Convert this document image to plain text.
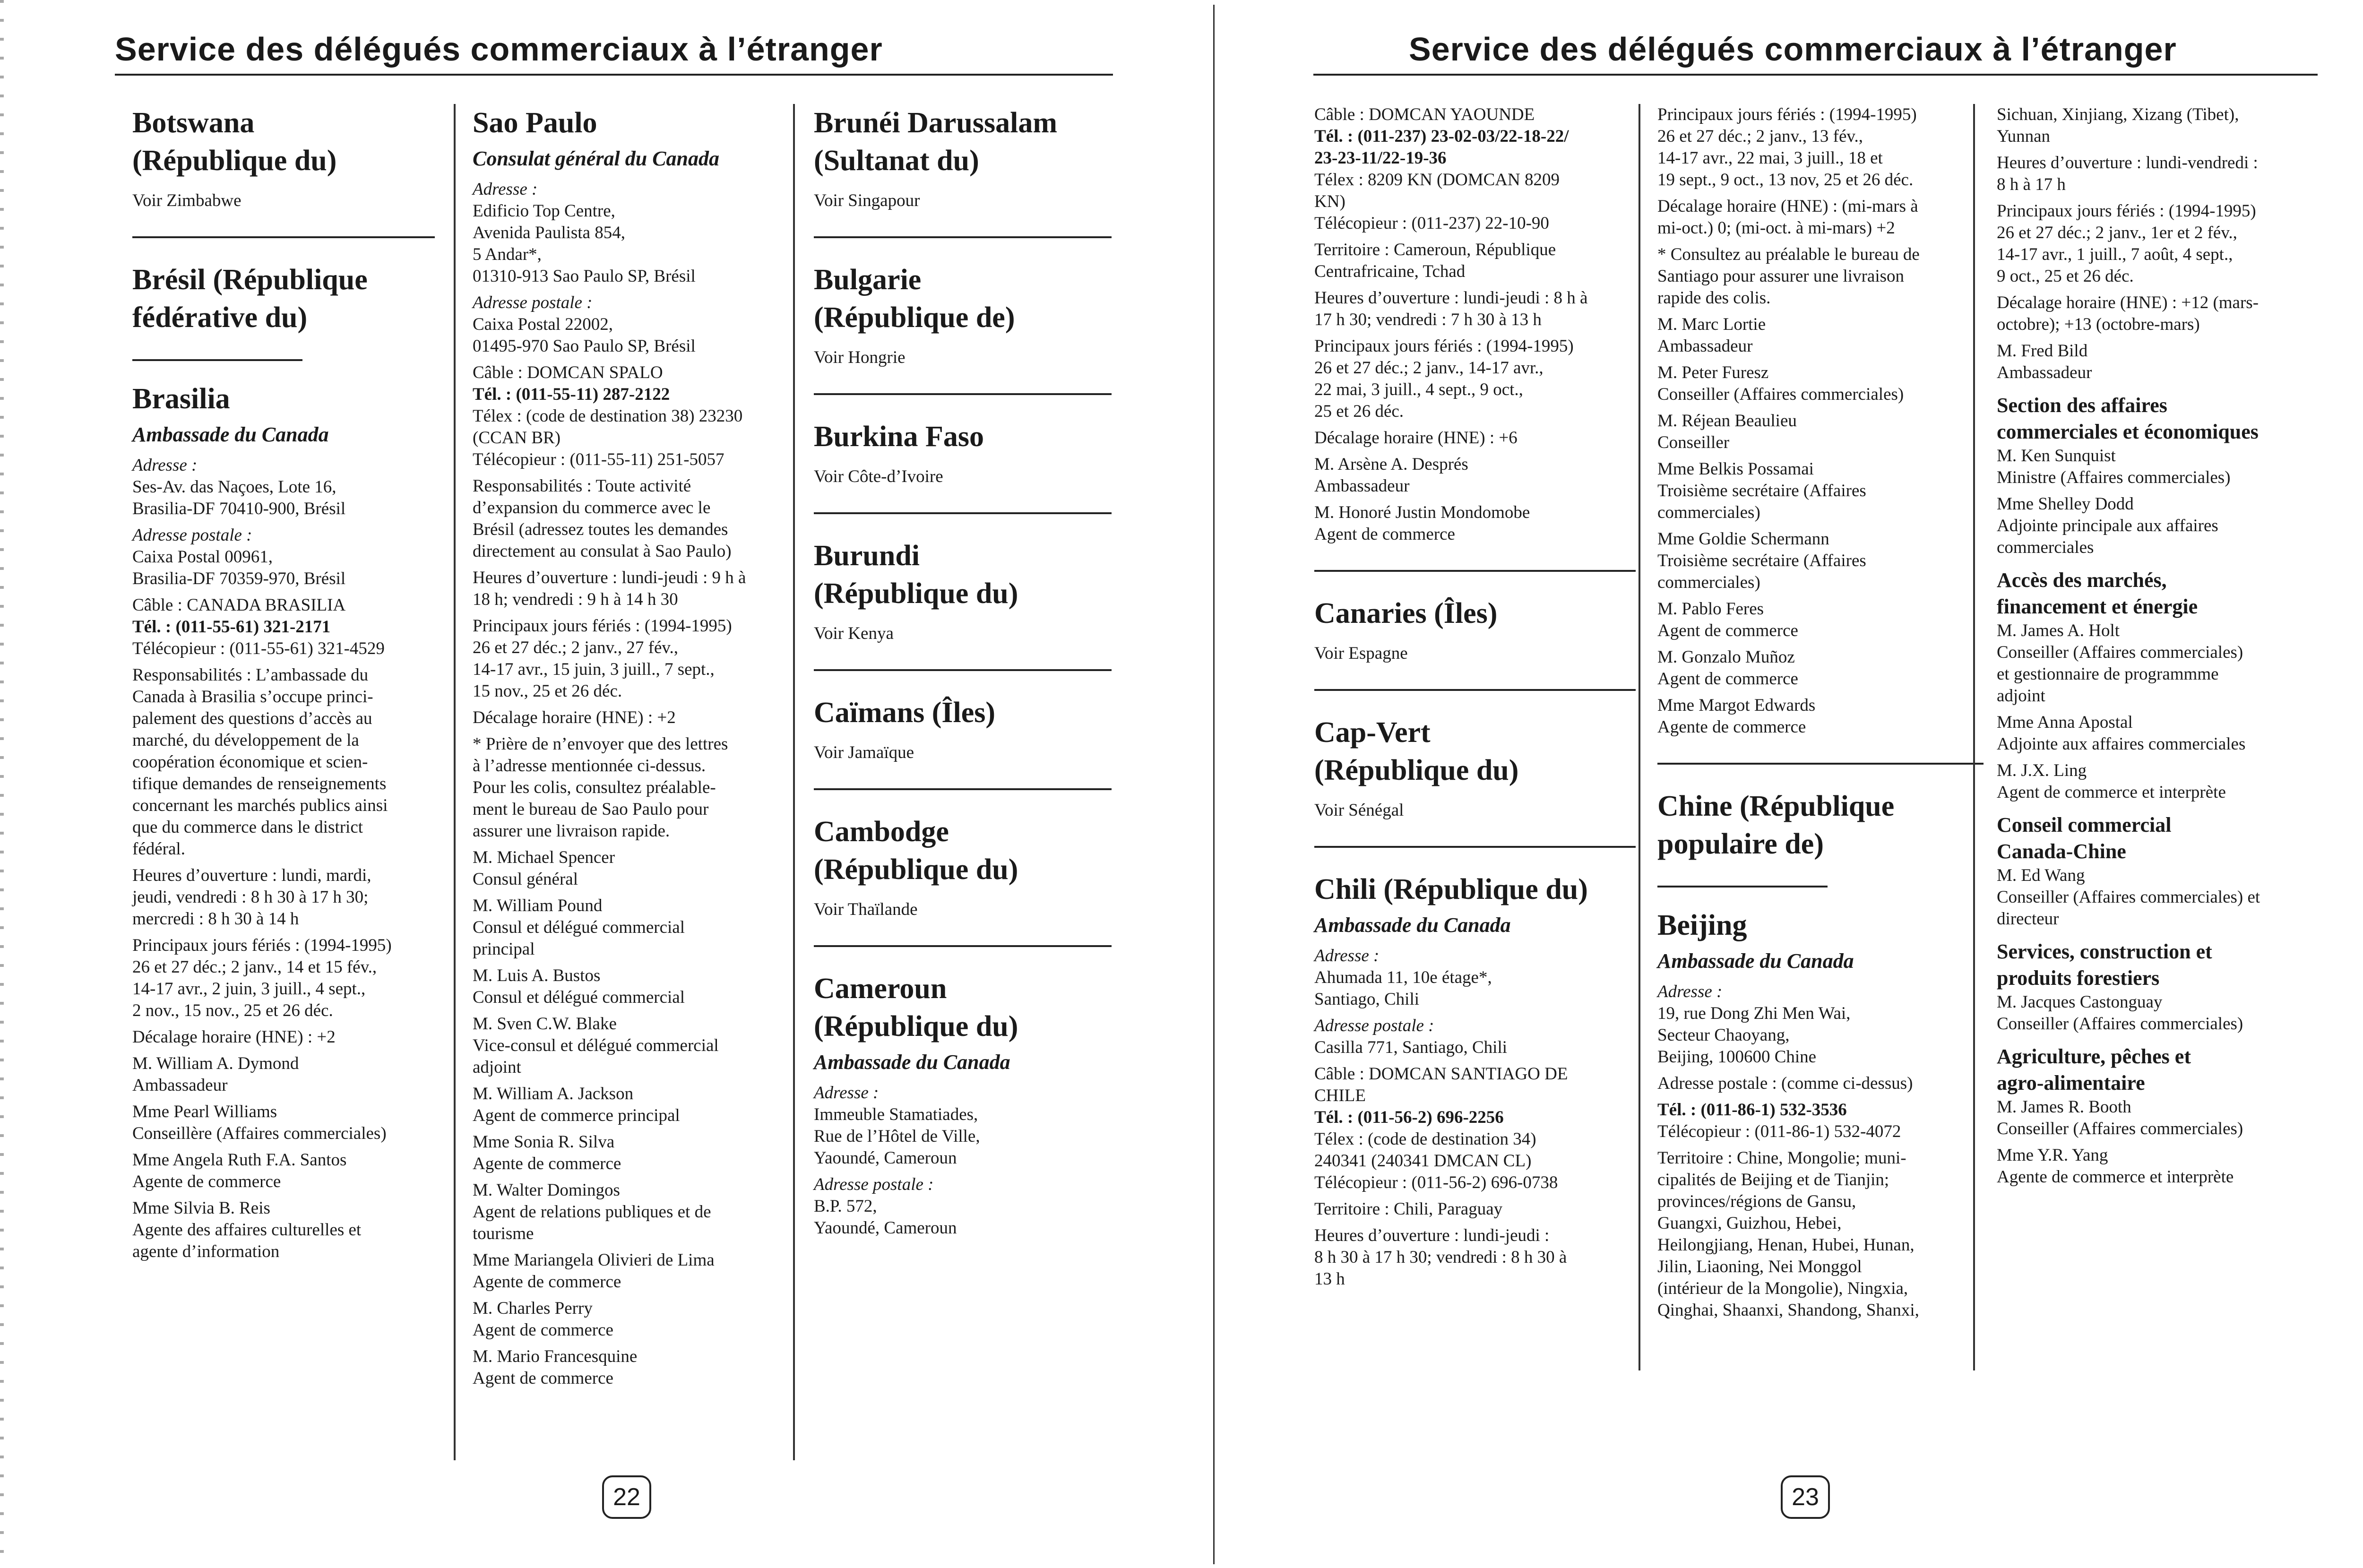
Service des délégués commerciaux à l’étranger
Botswana
(République du)
Voir Zimbabwe
Brésil (République
fédérative du)
Brasilia
Ambassade du Canada
Adresse :
Ses-Av. das Naçoes, Lote 16,
Brasilia-DF 70410-900, Brésil
Adresse postale :
Caixa Postal 00961,
Brasilia-DF 70359-970, Brésil
Câble : CANADA BRASILIA
Tél. : (011-55-61) 321-2171
Télécopieur : (011-55-61) 321-4529
Responsabilités : L’ambassade du
Canada à Brasilia s’occupe princi-
palement des questions d’accès au
marché, du développement de la
coopération économique et scien-
tifique demandes de renseignements
concernant les marchés publics ainsi
que du commerce dans le district
fédéral.
Heures d’ouverture : lundi, mardi,
jeudi, vendredi : 8 h 30 à 17 h 30;
mercredi : 8 h 30 à 14 h
Principaux jours fériés : (1994-1995)
26 et 27 déc.; 2 janv., 14 et 15 fév.,
14-17 avr., 2 juin, 3 juill., 4 sept.,
2 nov., 15 nov., 25 et 26 déc.
Décalage horaire (HNE) : +2
M. William A. Dymond
Ambassadeur
Mme Pearl Williams
Conseillère (Affaires commerciales)
Mme Angela Ruth F.A. Santos
Agente de commerce
Mme Silvia B. Reis
Agente des affaires culturelles et
agente d’information
Sao Paulo
Consulat général du Canada
Adresse :
Edificio Top Centre,
Avenida Paulista 854,
5 Andar*,
01310-913 Sao Paulo SP, Brésil
Adresse postale :
Caixa Postal 22002,
01495-970 Sao Paulo SP, Brésil
Câble : DOMCAN SPALO
Tél. : (011-55-11) 287-2122
Télex : (code de destination 38) 23230
(CCAN BR)
Télécopieur : (011-55-11) 251-5057
Responsabilités : Toute activité
d’expansion du commerce avec le
Brésil (adressez toutes les demandes
directement au consulat à Sao Paulo)
Heures d’ouverture : lundi-jeudi : 9 h à
18 h; vendredi : 9 h à 14 h 30
Principaux jours fériés : (1994-1995)
26 et 27 déc.; 2 janv., 27 fév.,
14-17 avr., 15 juin, 3 juill., 7 sept.,
15 nov., 25 et 26 déc.
Décalage horaire (HNE) : +2
* Prière de n’envoyer que des lettres
à l’adresse mentionnée ci-dessus.
Pour les colis, consultez préalable-
ment le bureau de Sao Paulo pour
assurer une livraison rapide.
M. Michael Spencer
Consul général
M. William Pound
Consul et délégué commercial
principal
M. Luis A. Bustos
Consul et délégué commercial
M. Sven C.W. Blake
Vice-consul et délégué commercial
adjoint
M. William A. Jackson
Agent de commerce principal
Mme Sonia R. Silva
Agente de commerce
M. Walter Domingos
Agent de relations publiques et de
tourisme
Mme Mariangela Olivieri de Lima
Agente de commerce
M. Charles Perry
Agent de commerce
M. Mario Francesquine
Agent de commerce
Brunéi Darussalam
(Sultanat du)
Voir Singapour
Bulgarie
(République de)
Voir Hongrie
Burkina Faso
Voir Côte-d’Ivoire
Burundi
(République du)
Voir Kenya
Caïmans (Îles)
Voir Jamaïque
Cambodge
(République du)
Voir Thaïlande
Cameroun
(République du)
Ambassade du Canada
Adresse :
Immeuble Stamatiades,
Rue de l’Hôtel de Ville,
Yaoundé, Cameroun
Adresse postale :
B.P. 572,
Yaoundé, Cameroun
22
Service des délégués commerciaux à l’étranger
Câble : DOMCAN YAOUNDE
Tél. : (011-237) 23-02-03/22-18-22/
23-23-11/22-19-36
Télex : 8209 KN (DOMCAN 8209
KN)
Télécopieur : (011-237) 22-10-90
Territoire : Cameroun, République
Centrafricaine, Tchad
Heures d’ouverture : lundi-jeudi : 8 h à
17 h 30; vendredi : 7 h 30 à 13 h
Principaux jours fériés : (1994-1995)
26 et 27 déc.; 2 janv., 14-17 avr.,
22 mai, 3 juill., 4 sept., 9 oct.,
25 et 26 déc.
Décalage horaire (HNE) : +6
M. Arsène A. Després
Ambassadeur
M. Honoré Justin Mondomobe
Agent de commerce
Canaries (Îles)
Voir Espagne
Cap-Vert
(République du)
Voir Sénégal
Chili (République du)
Ambassade du Canada
Adresse :
Ahumada 11, 10e étage*,
Santiago, Chili
Adresse postale :
Casilla 771, Santiago, Chili
Câble : DOMCAN SANTIAGO DE
CHILE
Tél. : (011-56-2) 696-2256
Télex : (code de destination 34)
240341 (240341 DMCAN CL)
Télécopieur : (011-56-2) 696-0738
Territoire : Chili, Paraguay
Heures d’ouverture : lundi-jeudi :
8 h 30 à 17 h 30; vendredi : 8 h 30 à
13 h
Principaux jours fériés : (1994-1995)
26 et 27 déc.; 2 janv., 13 fév.,
14-17 avr., 22 mai, 3 juill., 18 et
19 sept., 9 oct., 13 nov, 25 et 26 déc.
Décalage horaire (HNE) : (mi-mars à
mi-oct.) 0; (mi-oct. à mi-mars) +2
* Consultez au préalable le bureau de
Santiago pour assurer une livraison
rapide des colis.
M. Marc Lortie
Ambassadeur
M. Peter Furesz
Conseiller (Affaires commerciales)
M. Réjean Beaulieu
Conseiller
Mme Belkis Possamai
Troisième secrétaire (Affaires
commerciales)
Mme Goldie Schermann
Troisième secrétaire (Affaires
commerciales)
M. Pablo Feres
Agent de commerce
M. Gonzalo Muñoz
Agent de commerce
Mme Margot Edwards
Agente de commerce
Chine (République
populaire de)
Beijing
Ambassade du Canada
Adresse :
19, rue Dong Zhi Men Wai,
Secteur Chaoyang,
Beijing, 100600 Chine
Adresse postale : (comme ci-dessus)
Tél. : (011-86-1) 532-3536
Télécopieur : (011-86-1) 532-4072
Territoire : Chine, Mongolie; muni-
cipalités de Beijing et de Tianjin;
provinces/régions de Gansu,
Guangxi, Guizhou, Hebei,
Heilongjiang, Henan, Hubei, Hunan,
Jilin, Liaoning, Nei Monggol
(intérieur de la Mongolie), Ningxia,
Qinghai, Shaanxi, Shandong, Shanxi,
Sichuan, Xinjiang, Xizang (Tibet),
Yunnan
Heures d’ouverture : lundi-vendredi :
8 h à 17 h
Principaux jours fériés : (1994-1995)
26 et 27 déc.; 2 janv., 1er et 2 fév.,
14-17 avr., 1 juill., 7 août, 4 sept.,
9 oct., 25 et 26 déc.
Décalage horaire (HNE) : +12 (mars-
octobre); +13 (octobre-mars)
M. Fred Bild
Ambassadeur
Section des affaires
commerciales et économiques
M. Ken Sunquist
Ministre (Affaires commerciales)
Mme Shelley Dodd
Adjointe principale aux affaires
commerciales
Accès des marchés,
financement et énergie
M. James A. Holt
Conseiller (Affaires commerciales)
et gestionnaire de programmme
adjoint
Mme Anna Apostal
Adjointe aux affaires commerciales
M. J.X. Ling
Agent de commerce et interprète
Conseil commercial
Canada-Chine
M. Ed Wang
Conseiller (Affaires commerciales) et
directeur
Services, construction et
produits forestiers
M. Jacques Castonguay
Conseiller (Affaires commerciales)
Agriculture, pêches et
agro-alimentaire
M. James R. Booth
Conseiller (Affaires commerciales)
Mme Y.R. Yang
Agente de commerce et interprète
23
